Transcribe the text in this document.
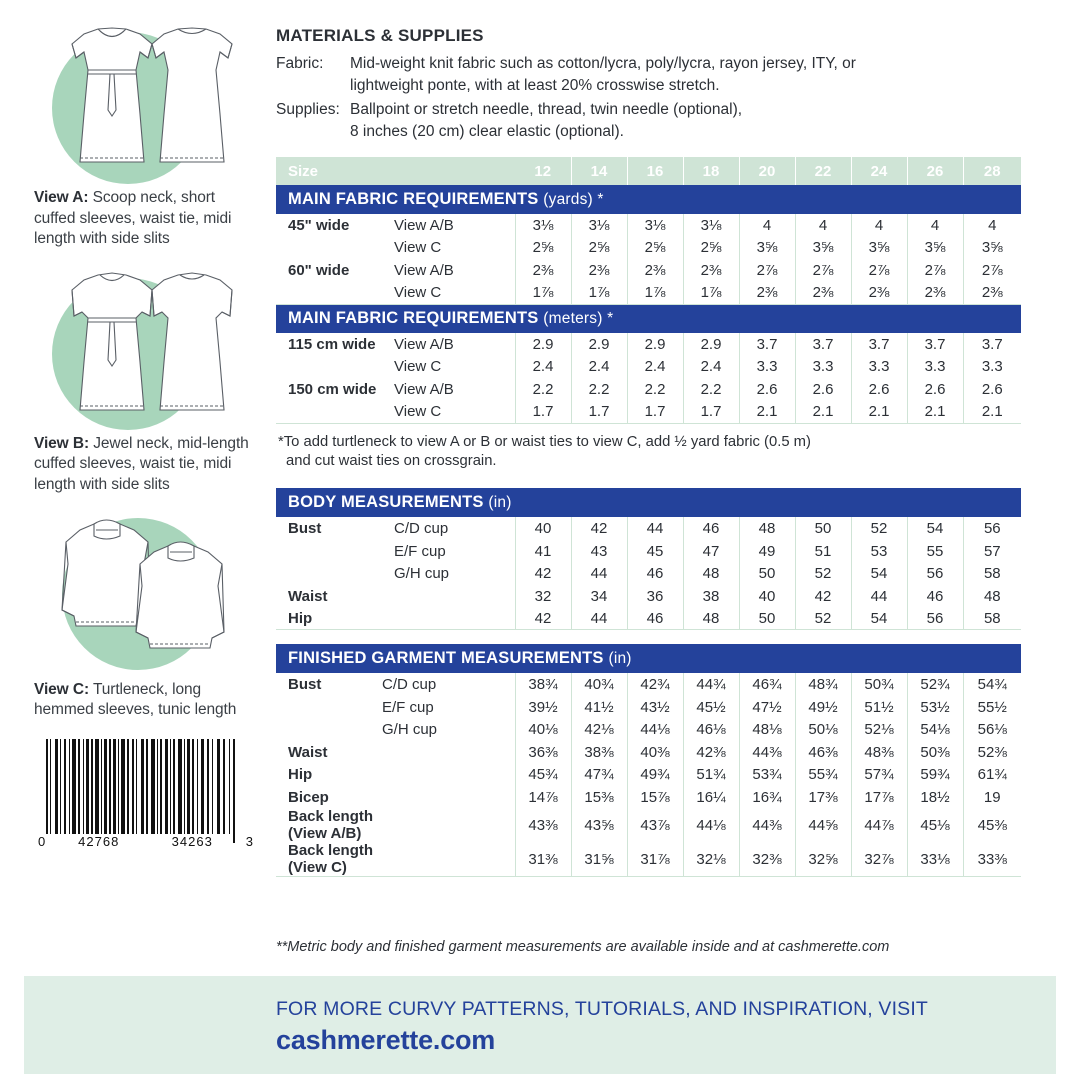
View A: Scoop neck, short cuffed sleeves, waist tie, midi length with side slits
View B: Jewel neck, mid-length cuffed sleeves, waist tie, midi length with side slits
View C: Turtleneck, long hemmed sleeves, tunic length
0	42768	34263	3
MATERIALS & SUPPLIES
Fabric:	Mid-weight knit fabric such as cotton/lycra, poly/lycra, rayon jersey, ITY, or
lightweight ponte, with at least 20% crosswise stretch.
Supplies: Ballpoint or stretch needle, thread, twin needle (optional),
8 inches (20 cm) clear elastic (optional).
Size		12	14	16	18	20	22	24	26	28
MAIN FABRIC REQUIREMENTS (yards) *										
45" wide	View A/B	3⅛	3⅛	3⅛	3⅛	4	4	4	4	4
	View C	2⅝	2⅝	2⅝	2⅝	3⅝	3⅝	3⅝	3⅝	3⅝
60" wide	View A/B	2⅜	2⅜	2⅜	2⅜	2⅞	2⅞	2⅞	2⅞	2⅞
	View C	1⅞	1⅞	1⅞	1⅞	2⅜	2⅜	2⅜	2⅜	2⅜
MAIN FABRIC REQUIREMENTS (meters) *										
115 cm wide	View A/B	2.9	2.9	2.9	2.9	3.7	3.7	3.7	3.7	3.7
	View C	2.4	2.4	2.4	2.4	3.3	3.3	3.3	3.3	3.3
150 cm wide	View A/B	2.2	2.2	2.2	2.2	2.6	2.6	2.6	2.6	2.6
	View C	1.7	1.7	1.7	1.7	2.1	2.1	2.1	2.1	2.1
*To add turtleneck to view A or B or waist ties to view C, add ½ yard fabric (0.5 m)
and cut waist ties on crossgrain.
BODY MEASUREMENTS (in)										
Bust	C/D cup	40	42	44	46	48	50	52	54	56
	E/F cup	41	43	45	47	49	51	53	55	57
	G/H cup	42	44	46	48	50	52	54	56	58
Waist		32	34	36	38	40	42	44	46	48
Hip		42	44	46	48	50	52	54	56	58
FINISHED GARMENT MEASUREMENTS (in)										
Bust	C/D cup	38¾	40¾	42¾	44¾	46¾	48¾	50¾	52¾	54¾
	E/F cup	39½	41½	43½	45½	47½	49½	51½	53½	55½
	G/H cup	40⅛	42⅛	44⅛	46⅛	48⅛	50⅛	52⅛	54⅛	56⅛
Waist		36⅜	38⅜	40⅜	42⅜	44⅜	46⅜	48⅜	50⅜	52⅜
Hip		45¾	47¾	49¾	51¾	53¾	55¾	57¾	59¾	61¾
Bicep		14⅞	15⅜	15⅞	16¼	16¾	17⅜	17⅞	18½	19
Back length (View A/B)		43⅜	43⅝	43⅞	44⅛	44⅜	44⅝	44⅞	45⅛	45⅜
Back length (View C)		31⅜	31⅝	31⅞	32⅛	32⅜	32⅝	32⅞	33⅛	33⅜
**Metric body and finished garment measurements are available inside and at cashmerette.com
FOR MORE CURVY PATTERNS, TUTORIALS, AND INSPIRATION, VISIT
cashmerette.com
